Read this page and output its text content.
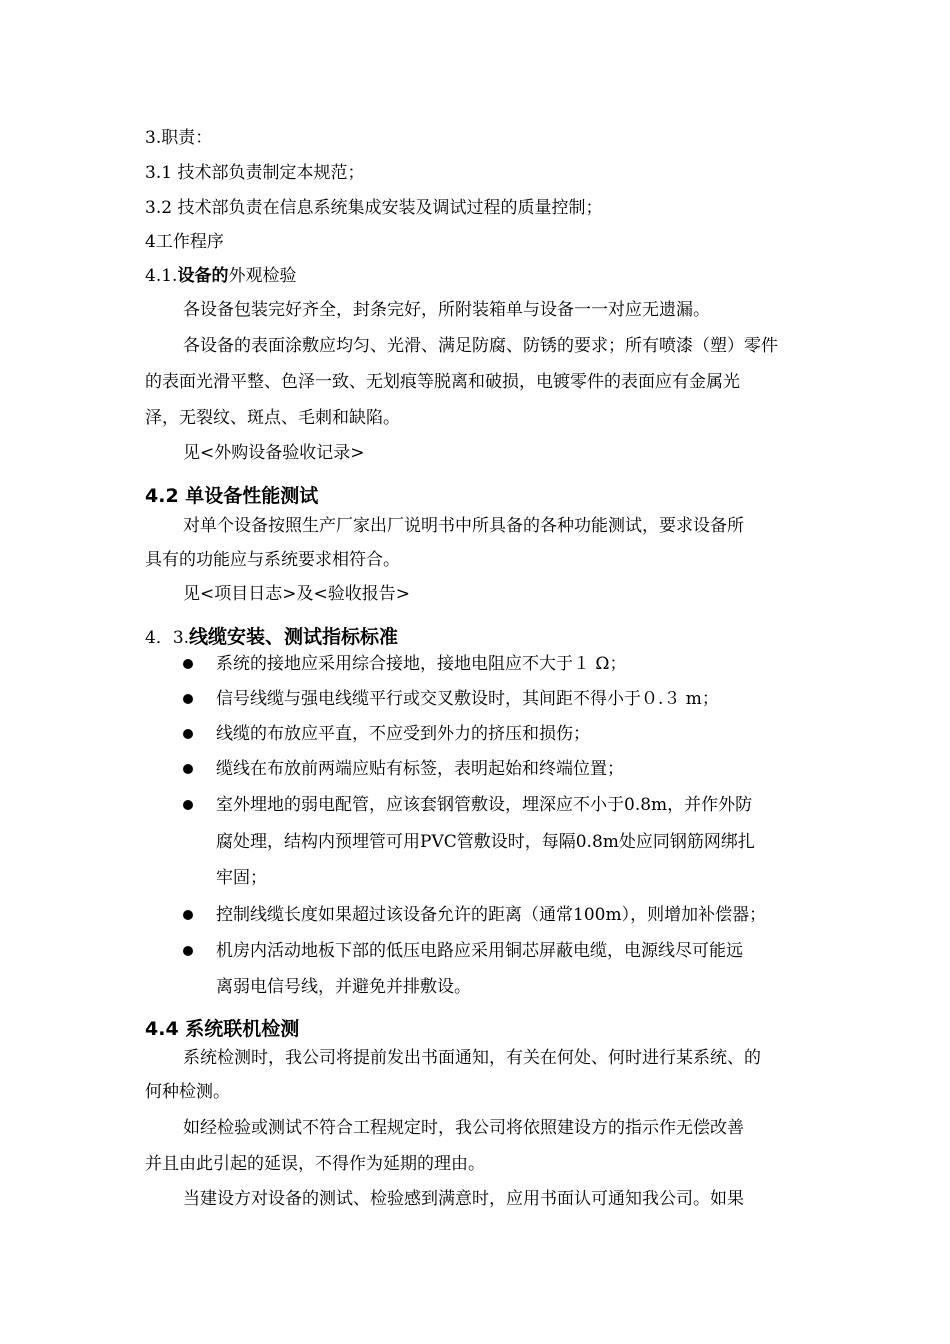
3.职责：
3.1 技术部负责制定本规范；
3.2 技术部负责在信息系统集成安装及调试过程的质量控制；
4工作程序
4.1.设备的外观检验
各设备包装完好齐全，封条完好，所附装箱单与设备一一对应无遗漏。
各设备的表面涂敷应均匀、光滑、满足防腐、防锈的要求；所有喷漆（塑）零件
的表面光滑平整、色泽一致、无划痕等脱离和破损，电镀零件的表面应有金属光
泽，无裂纹、斑点、毛刺和缺陷。
见<外购设备验收记录>
4.2 单设备性能测试
对单个设备按照生产厂家出厂说明书中所具备的各种功能测试，要求设备所
具有的功能应与系统要求相符合。
见<项目日志>及<验收报告>
4．3.线缆安装、测试指标标准
系统的接地应采用综合接地，接地电阻应不大于１ Ω；
信号线缆与强电线缆平行或交叉敷设时，其间距不得小于０.３ m；
线缆的布放应平直，不应受到外力的挤压和损伤；
缆线在布放前两端应贴有标签，表明起始和终端位置；
室外埋地的弱电配管，应该套钢管敷设，埋深应不小于0.8m，并作外防
腐处理，结构内预埋管可用PVC管敷设时，每隔0.8m处应同钢筋网绑扎
牢固；
控制线缆长度如果超过该设备允许的距离（通常100m），则增加补偿器；
机房内活动地板下部的低压电路应采用铜芯屏蔽电缆，电源线尽可能远
离弱电信号线，并避免并排敷设。
4.4 系统联机检测
系统检测时，我公司将提前发出书面通知，有关在何处、何时进行某系统、的
何种检测。
如经检验或测试不符合工程规定时，我公司将依照建设方的指示作无偿改善
并且由此引起的延误，不得作为延期的理由。
当建设方对设备的测试、检验感到满意时，应用书面认可通知我公司。如果
